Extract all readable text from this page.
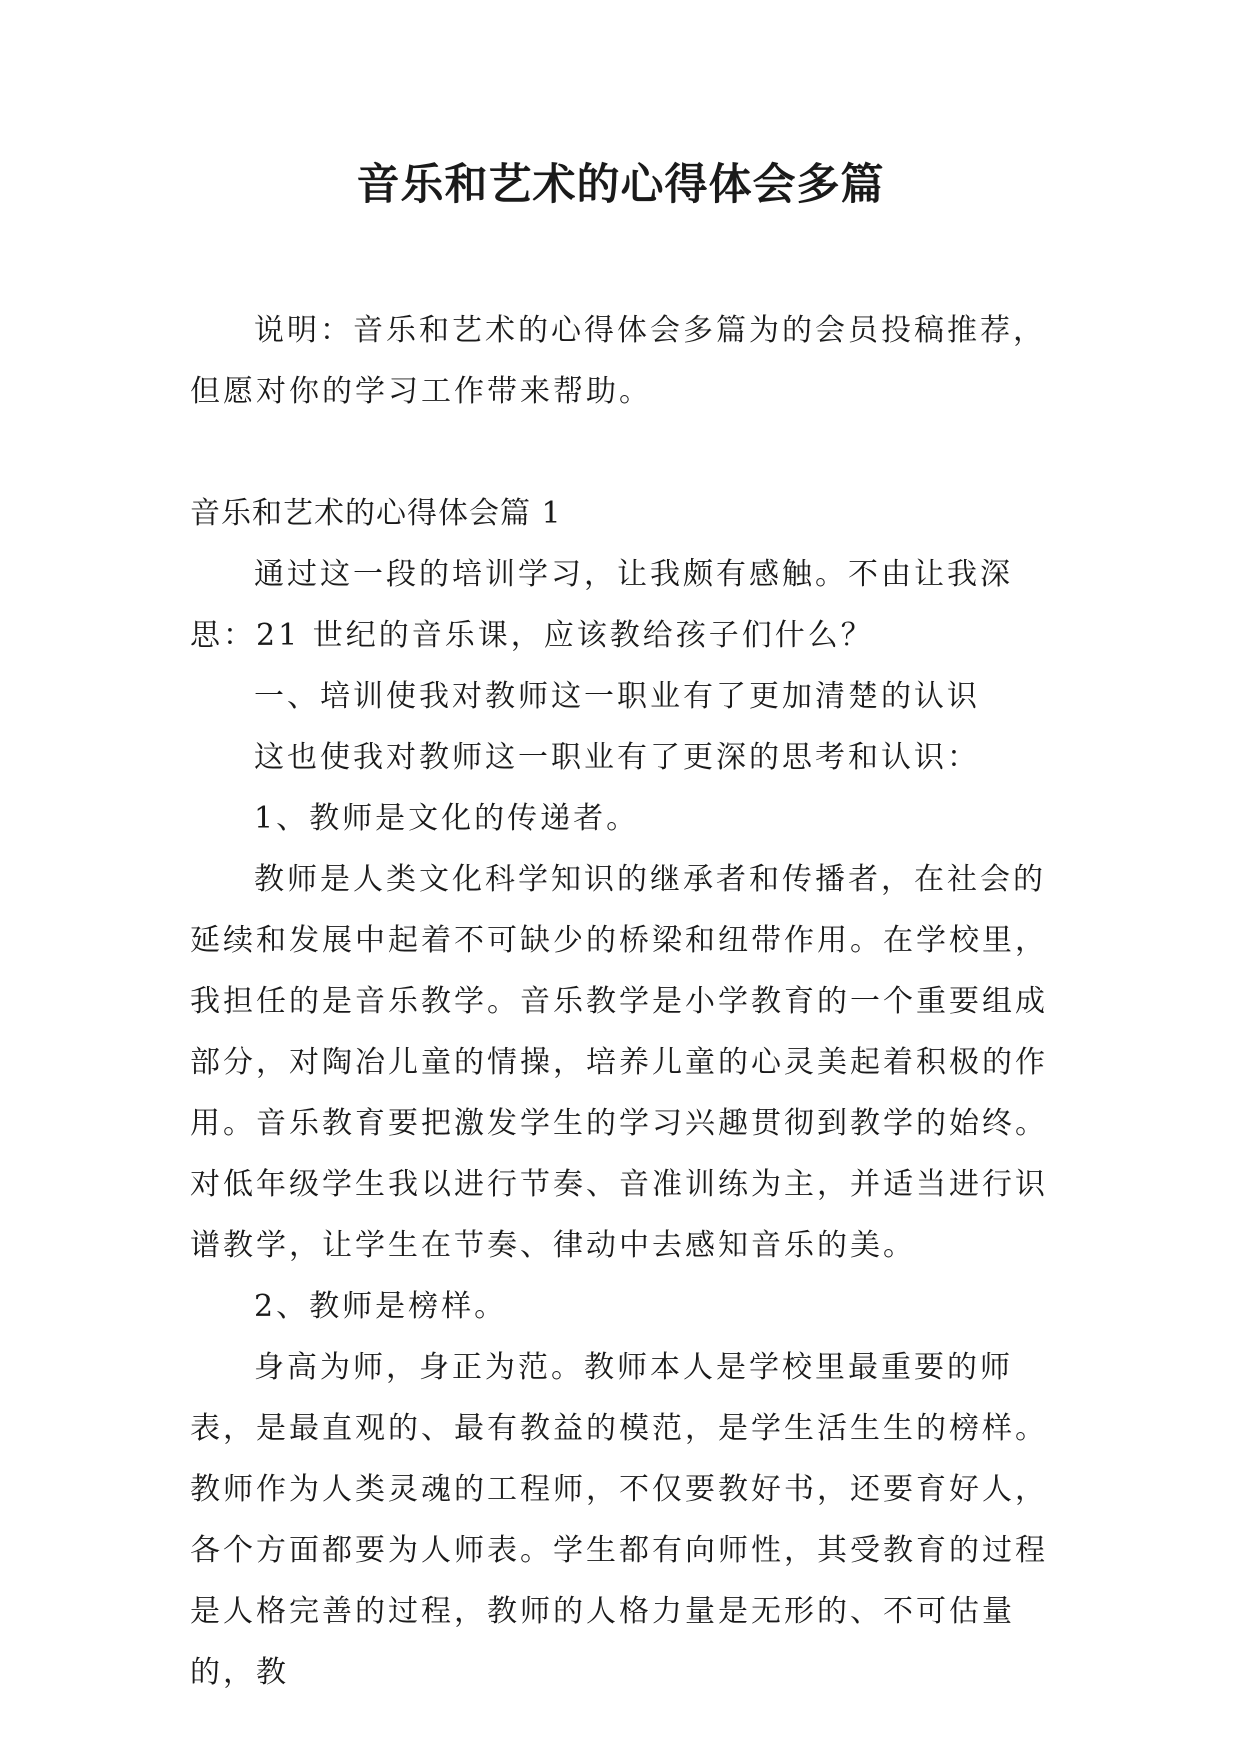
音乐和艺术的心得体会多篇

说明：音乐和艺术的心得体会多篇为的会员投稿推荐，但愿对你的学习工作带来帮助。

音乐和艺术的心得体会篇 1

通过这一段的培训学习，让我颇有感触。不由让我深思：21 世纪的音乐课，应该教给孩子们什么？

一、培训使我对教师这一职业有了更加清楚的认识

这也使我对教师这一职业有了更深的思考和认识：

1、教师是文化的传递者。

教师是人类文化科学知识的继承者和传播者，在社会的延续和发展中起着不可缺少的桥梁和纽带作用。在学校里，我担任的是音乐教学。音乐教学是小学教育的一个重要组成部分，对陶冶儿童的情操，培养儿童的心灵美起着积极的作用。音乐教育要把激发学生的学习兴趣贯彻到教学的始终。对低年级学生我以进行节奏、音准训练为主，并适当进行识谱教学，让学生在节奏、律动中去感知音乐的美。

2、教师是榜样。

身高为师，身正为范。教师本人是学校里最重要的师表，是最直观的、最有教益的模范，是学生活生生的榜样。教师作为人类灵魂的工程师，不仅要教好书，还要育好人，各个方面都要为人师表。学生都有向师性，其受教育的过程是人格完善的过程，教师的人格力量是无形的、不可估量的，教
